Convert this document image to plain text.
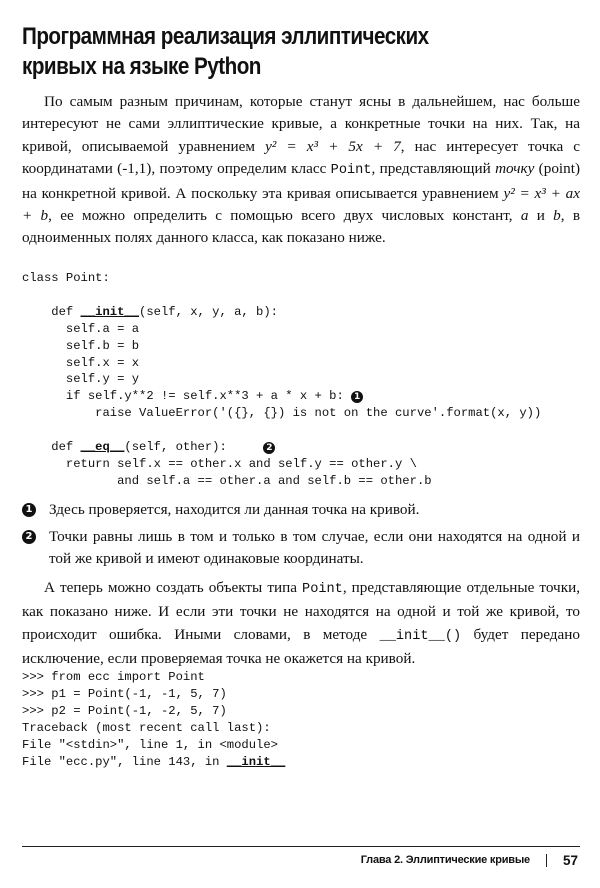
Программная реализация эллиптических
кривых на языке Python

По самым разным причинам, которые станут ясны в дальнейшем, нас больше интересуют не сами эллиптические кривые, а конкретные точки на них. Так, на кривой, описываемой уравнением y² = x³ + 5x + 7, нас интересует точка с координатами (-1,1), поэтому определим класс Point, представляющий точку (point) на конкретной кривой. А поскольку эта кривая описывается уравнением y² = x³ + ax + b, ее можно определить с помощью всего двух числовых констант, a и b, в одноименных полях данного класса, как показано ниже.

class Point:

def __init__(self, x, y, a, b):
self.a = a
self.b = b
self.x = x
self.y = y
if self.y**2 != self.x**3 + a * x + b: 1
raise ValueError('({}, {}) is not on the curve'.format(x, y))

def __eq__(self, other):     2
return self.x == other.x and self.y == other.y \
and self.a == other.a and self.b == other.b
1 Здесь проверяется, находится ли данная точка на кривой.
2 Точки равны лишь в том и только в том случае, если они находятся на одной и той же кривой и имеют одинаковые координаты.

А теперь можно создать объекты типа Point, представляющие отдельные точки, как показано ниже. И если эти точки не находятся на одной и той же кривой, то происходит ошибка. Иными словами, в методе __init__() будет передано исключение, если проверяемая точка не окажется на кривой.

>>> from ecc import Point
>>> p1 = Point(-1, -1, 5, 7)
>>> p2 = Point(-1, -2, 5, 7)
Traceback (most recent call last):
File "<stdin>", line 1, in <module>
File "ecc.py", line 143, in __init__
Глава 2. Эллиптические кривые 57
